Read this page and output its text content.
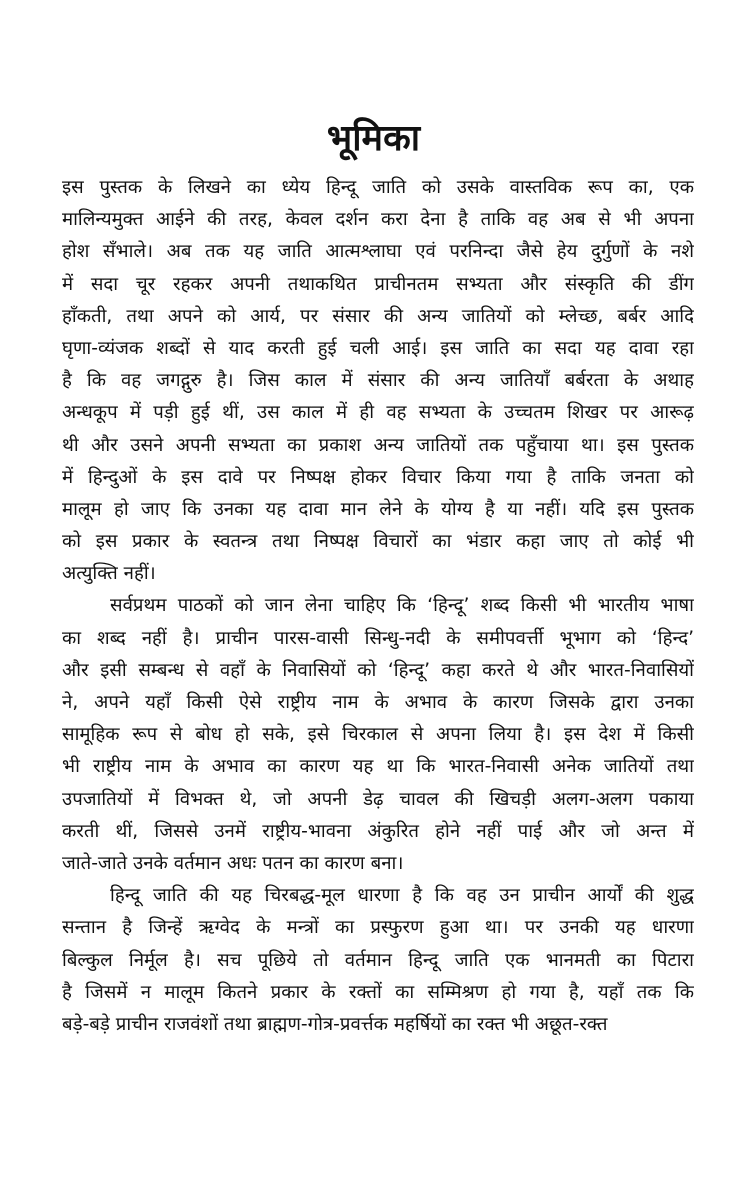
भूमिका
इस पुस्तक के लिखने का ध्येय हिन्दू जाति को उसके वास्तविक रूप का, एक
मालिन्यमुक्त आईने की तरह, केवल दर्शन करा देना है ताकि वह अब से भी अपना
होश सँभाले। अब तक यह जाति आत्मश्लाघा एवं परनिन्दा जैसे हेय दुर्गुणों के नशे
में सदा चूर रहकर अपनी तथाकथित प्राचीनतम सभ्यता और संस्कृति की डींग
हाँकती, तथा अपने को आर्य, पर संसार की अन्य जातियों को म्लेच्छ, बर्बर आदि
घृणा-व्यंजक शब्दों से याद करती हुई चली आई। इस जाति का सदा यह दावा रहा
है कि वह जगद्गुरु है। जिस काल में संसार की अन्य जातियाँ बर्बरता के अथाह
अन्धकूप में पड़ी हुई थीं, उस काल में ही वह सभ्यता के उच्चतम शिखर पर आरूढ़
थी और उसने अपनी सभ्यता का प्रकाश अन्य जातियों तक पहुँचाया था। इस पुस्तक
में हिन्दुओं के इस दावे पर निष्पक्ष होकर विचार किया गया है ताकि जनता को
मालूम हो जाए कि उनका यह दावा मान लेने के योग्य है या नहीं। यदि इस पुस्तक
को इस प्रकार के स्वतन्त्र तथा निष्पक्ष विचारों का भंडार कहा जाए तो कोई भी
अत्युक्ति नहीं।
सर्वप्रथम पाठकों को जान लेना चाहिए कि ‘हिन्दू’ शब्द किसी भी भारतीय भाषा
का शब्द नहीं है। प्राचीन पारस-वासी सिन्धु-नदी के समीपवर्त्ती भूभाग को ‘हिन्द’
और इसी सम्बन्ध से वहाँ के निवासियों को ‘हिन्दू’ कहा करते थे और भारत-निवासियों
ने, अपने यहाँ किसी ऐसे राष्ट्रीय नाम के अभाव के कारण जिसके द्वारा उनका
सामूहिक रूप से बोध हो सके, इसे चिरकाल से अपना लिया है। इस देश में किसी
भी राष्ट्रीय नाम के अभाव का कारण यह था कि भारत-निवासी अनेक जातियों तथा
उपजातियों में विभक्त थे, जो अपनी डेढ़ चावल की खिचड़ी अलग-अलग पकाया
करती थीं, जिससे उनमें राष्ट्रीय-भावना अंकुरित होने नहीं पाई और जो अन्त में
जाते-जाते उनके वर्तमान अधः पतन का कारण बना।
हिन्दू जाति की यह चिरबद्ध-मूल धारणा है कि वह उन प्राचीन आर्यों की शुद्ध
सन्तान है जिन्हें ऋग्वेद के मन्त्रों का प्रस्फुरण हुआ था। पर उनकी यह धारणा
बिल्कुल निर्मूल है। सच पूछिये तो वर्तमान हिन्दू जाति एक भानमती का पिटारा
है जिसमें न मालूम कितने प्रकार के रक्तों का सम्मिश्रण हो गया है, यहाँ तक कि
बड़े-बड़े प्राचीन राजवंशों तथा ब्राह्मण-गोत्र-प्रवर्त्तक महर्षियों का रक्त भी अछूत-रक्त
